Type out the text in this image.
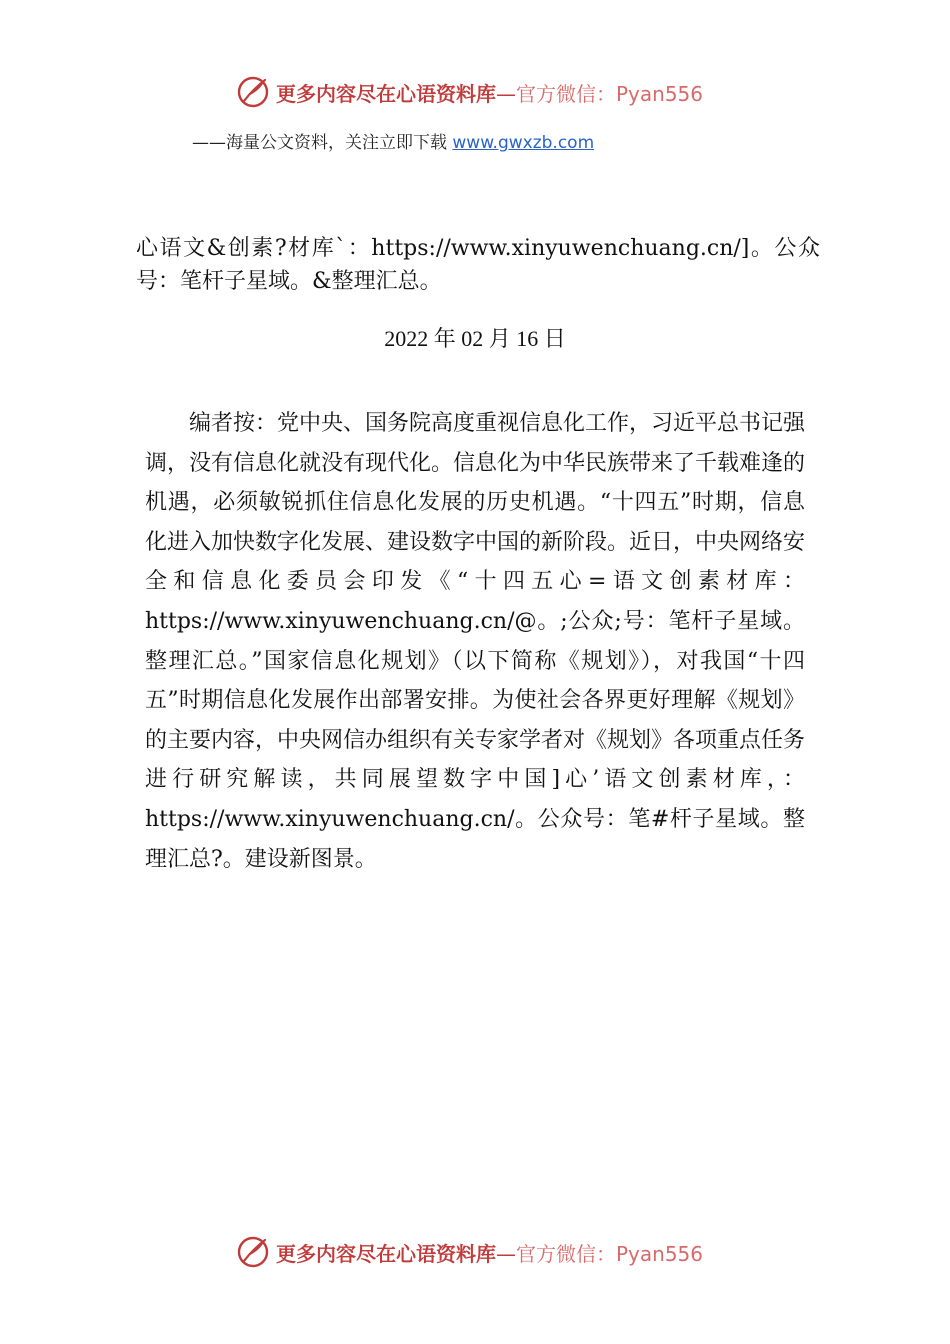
更多内容尽在心语资料库—官方微信：Pyan556
——海量公文资料，关注立即下载 www.gwxzb.com

心语文&创素?材库`：https://www.xinyuwenchuang.cn/]。公众号：笔杆子星域。&整理汇总。

2022 年 02 月 16 日

编者按：党中央、国务院高度重视信息化工作，习近平总书记强调，没有信息化就没有现代化。信息化为中华民族带来了千载难逢的机遇，必须敏锐抓住信息化发展的历史机遇。“十四五”时期，信息化进入加快数字化发展、建设数字中国的新阶段。近日，中央网络安全和信息化委员会印发《“十四五心=语文创素材库：https://www.xinyuwenchuang.cn/@。;公众;号：笔杆子星域。整理汇总。”国家信息化规划》（以下简称《规划》），对我国“十四五”时期信息化发展作出部署安排。为使社会各界更好理解《规划》的主要内容，中央网信办组织有关专家学者对《规划》各项重点任务进行研究解读，共同展望数字中国]心’语文创素材库，：https://www.xinyuwenchuang.cn/。公众号：笔#杆子星域。整理汇总?。建设新图景。

更多内容尽在心语资料库—官方微信：Pyan556
